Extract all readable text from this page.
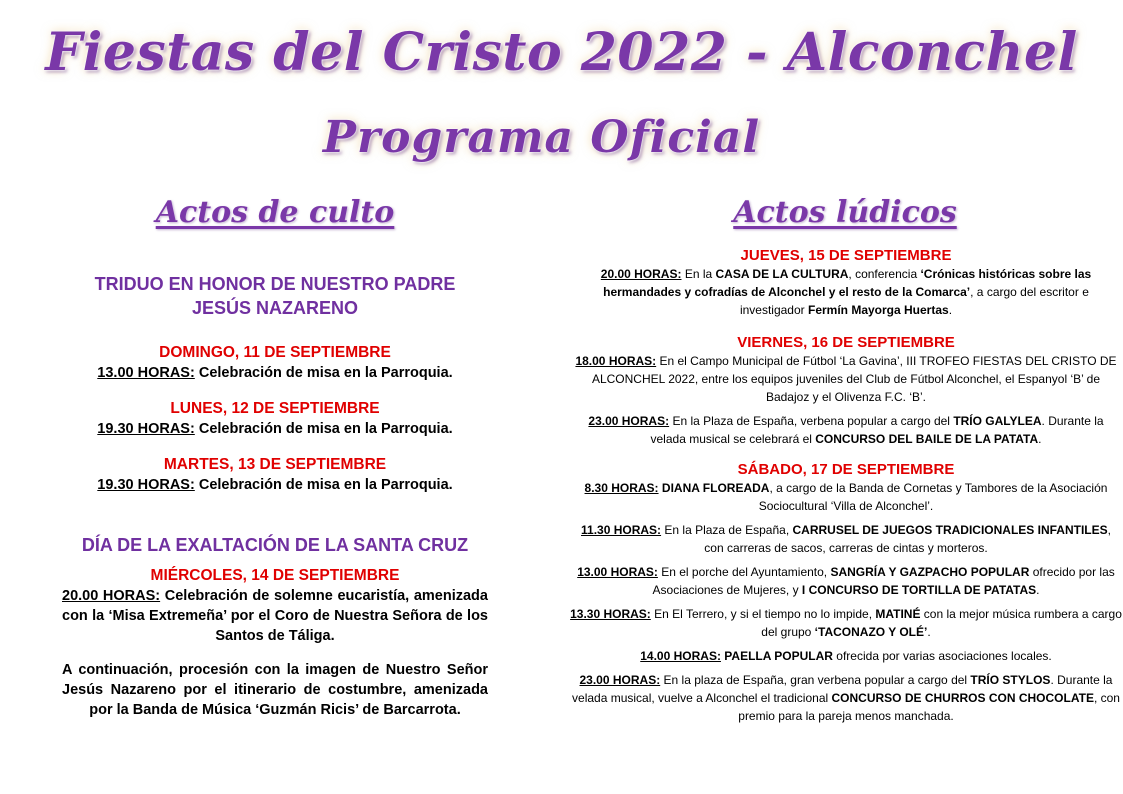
Fiestas del Cristo 2022 - Alconchel
Programa Oficial
Actos de culto

TRIDUO EN HONOR DE NUESTRO PADRE

JESÚS NAZARENO

DOMINGO, 11 DE SEPTIEMBRE

13.00 HORAS: Celebración de misa en la Parroquia.

LUNES, 12 DE SEPTIEMBRE

19.30 HORAS: Celebración de misa en la Parroquia.

MARTES, 13 DE SEPTIEMBRE

19.30 HORAS: Celebración de misa en la Parroquia.

DÍA DE LA EXALTACIÓN DE LA SANTA CRUZ

MIÉRCOLES, 14 DE SEPTIEMBRE

20.00 HORAS: Celebración de solemne eucaristía, amenizada con la ‘Misa Extremeña’ por el Coro de Nuestra Señora de los Santos de Táliga.

A continuación, procesión con la imagen de Nuestro Señor Jesús Nazareno por el itinerario de costumbre, amenizada por la Banda de Música ‘Guzmán Ricis’ de Barcarrota.

Actos lúdicos

JUEVES, 15 DE SEPTIEMBRE

20.00 HORAS: En la CASA DE LA CULTURA, conferencia ‘Crónicas históricas sobre las hermandades y cofradías de Alconchel y el resto de la Comarca’, a cargo del escritor e investigador Fermín Mayorga Huertas.

VIERNES, 16 DE SEPTIEMBRE

18.00 HORAS: En el Campo Municipal de Fútbol ‘La Gavina’, III TROFEO FIESTAS DEL CRISTO DE ALCONCHEL 2022, entre los equipos juveniles del Club de Fútbol Alconchel, el Espanyol ‘B’ de Badajoz y el Olivenza F.C. ‘B’.

23.00 HORAS: En la Plaza de España, verbena popular a cargo del TRÍO GALYLEA. Durante la velada musical se celebrará el CONCURSO DEL BAILE DE LA PATATA.

SÁBADO, 17 DE SEPTIEMBRE

8.30 HORAS: DIANA FLOREADA, a cargo de la Banda de Cornetas y Tambores de la Asociación Sociocultural ‘Villa de Alconchel’.

11.30 HORAS: En la Plaza de España, CARRUSEL DE JUEGOS TRADICIONALES INFANTILES, con carreras de sacos, carreras de cintas y morteros.

13.00 HORAS: En el porche del Ayuntamiento, SANGRÍA Y GAZPACHO POPULAR ofrecido por las Asociaciones de Mujeres, y I CONCURSO DE TORTILLA DE PATATAS.

13.30 HORAS: En El Terrero, y si el tiempo no lo impide, MATINÉ con la mejor música rumbera a cargo del grupo ‘TACONAZO Y OLÉ’.

14.00 HORAS: PAELLA POPULAR ofrecida por varias asociaciones locales.

23.00 HORAS: En la plaza de España, gran verbena popular a cargo del TRÍO STYLOS. Durante la velada musical, vuelve a Alconchel el tradicional CONCURSO DE CHURROS CON CHOCOLATE, con premio para la pareja menos manchada.
